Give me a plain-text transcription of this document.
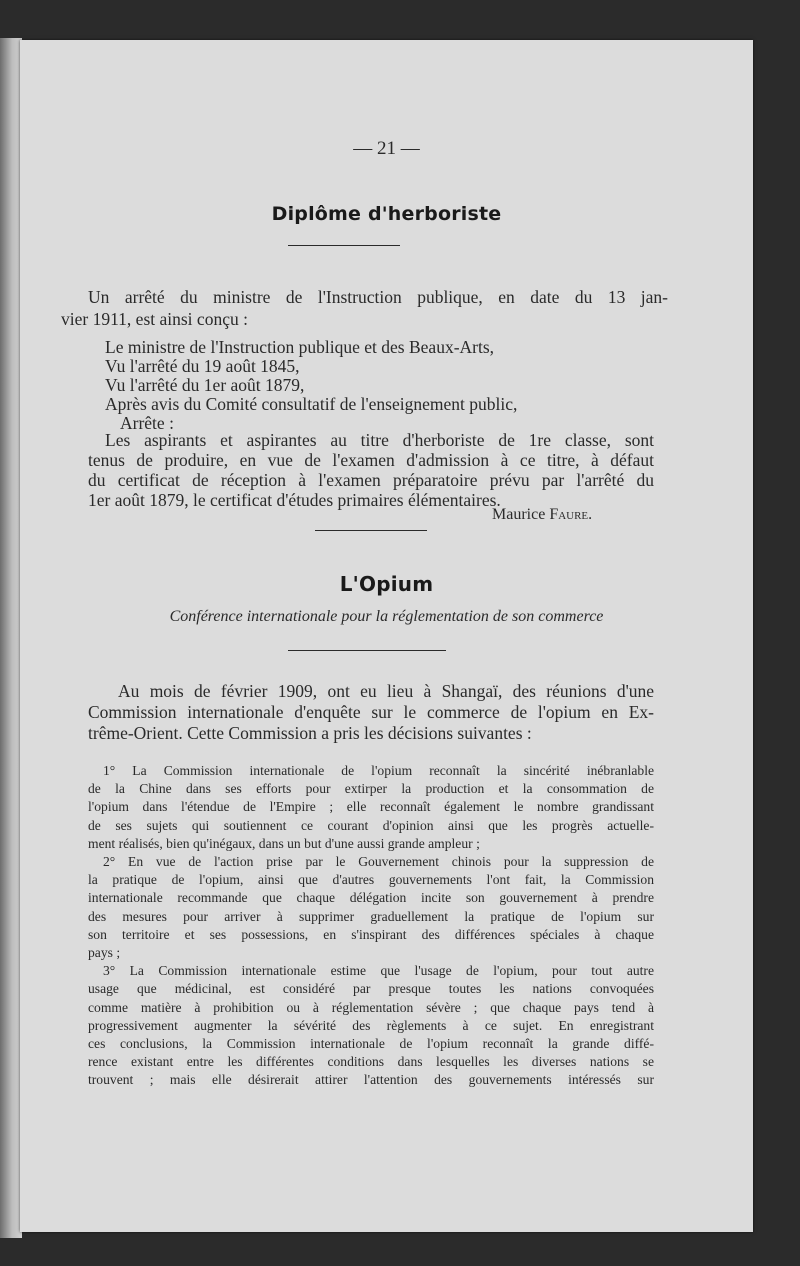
— 21 —
Diplôme d'herboriste
Un arrêté du ministre de l'Instruction publique, en date du 13 jan-
vier 1911, est ainsi conçu :
Le ministre de l'Instruction publique et des Beaux-Arts,
Vu l'arrêté du 19 août 1845,
Vu l'arrêté du 1er août 1879,
Après avis du Comité consultatif de l'enseignement public,
Arrête :
Les aspirants et aspirantes au titre d'herboriste de 1re classe, sont
tenus de produire, en vue de l'examen d'admission à ce titre, à défaut
du certificat de réception à l'examen préparatoire prévu par l'arrêté du
1er août 1879, le certificat d'études primaires élémentaires.
Maurice Faure.
L'Opium
Conférence internationale pour la réglementation de son commerce
Au mois de février 1909, ont eu lieu à Shangaï, des réunions d'une
Commission internationale d'enquête sur le commerce de l'opium en Ex-
trême-Orient. Cette Commission a pris les décisions suivantes :
1° La Commission internationale de l'opium reconnaît la sincérité inébranlable
de la Chine dans ses efforts pour extirper la production et la consommation de
l'opium dans l'étendue de l'Empire ; elle reconnaît également le nombre grandissant
de ses sujets qui soutiennent ce courant d'opinion ainsi que les progrès actuelle-
ment réalisés, bien qu'inégaux, dans un but d'une aussi grande ampleur ;
2° En vue de l'action prise par le Gouvernement chinois pour la suppression de
la pratique de l'opium, ainsi que d'autres gouvernements l'ont fait, la Commission
internationale recommande que chaque délégation incite son gouvernement à prendre
des mesures pour arriver à supprimer graduellement la pratique de l'opium sur
son territoire et ses possessions, en s'inspirant des différences spéciales à chaque
pays ;
3° La Commission internationale estime que l'usage de l'opium, pour tout autre
usage que médicinal, est considéré par presque toutes les nations convoquées
comme matière à prohibition ou à réglementation sévère ; que chaque pays tend à
progressivement augmenter la sévérité des règlements à ce sujet. En enregistrant
ces conclusions, la Commission internationale de l'opium reconnaît la grande diffé-
rence existant entre les différentes conditions dans lesquelles les diverses nations se
trouvent ; mais elle désirerait attirer l'attention des gouvernements intéressés sur
